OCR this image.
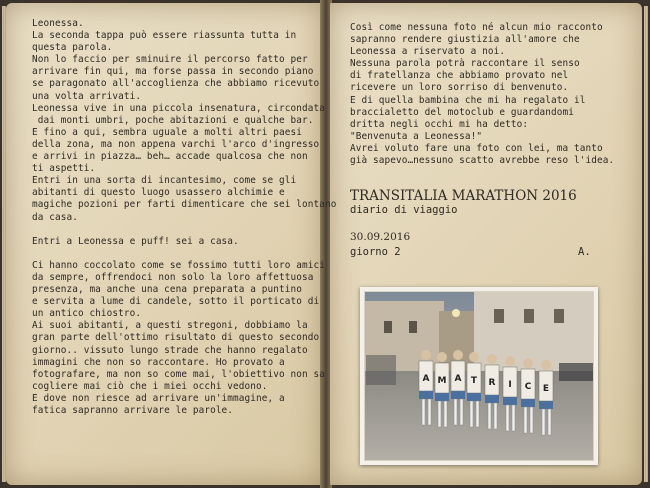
Leonessa.
La seconda tappa può essere riassunta tutta in
questa parola.
Non lo faccio per sminuire il percorso fatto per
arrivare fin qui, ma forse passa in secondo piano
se paragonato all'accoglienza che abbiamo ricevuto
una volta arrivati.
Leonessa vive in una piccola insenatura, circondata
dai monti umbri, poche abitazioni e qualche bar.
E fino a qui, sembra uguale a molti altri paesi
della zona, ma non appena varchi l'arco d'ingresso
e arrivi in piazza… beh… accade qualcosa che non
ti aspetti.
Entri in una sorta di incantesimo, come se gli
abitanti di questo luogo usassero alchimie e
magiche pozioni per farti dimenticare che sei lontano
da casa.

Entri a Leonessa e puff! sei a casa.

Ci hanno coccolato come se fossimo tutti loro amici
da sempre, offrendoci non solo la loro affettuosa
presenza, ma anche una cena preparata a puntino
e servita a lume di candele, sotto il porticato di
un antico chiostro.
Ai suoi abitanti, a questi stregoni, dobbiamo la
gran parte dell'ottimo risultato di questo secondo
giorno.. vissuto lungo strade che hanno regalato
immagini che non so raccontare. Ho provato a
fotografare, ma non so come mai, l'obiettivo non sa
cogliere mai ciò che i miei occhi vedono.
E dove non riesce ad arrivare un'immagine, a
fatica sapranno arrivare le parole.
Così come nessuna foto né alcun mio racconto
sapranno rendere giustizia all'amore che
Leonessa a riservato a noi.
Nessuna parola potrà raccontare il senso
di fratellanza che abbiamo provato nel
ricevere un loro sorriso di benvenuto.
E di quella bambina che mi ha regalato il
braccialetto del motoclub e guardandomi
dritta negli occhi mi ha detto:
"Benvenuta a Leonessa!"
Avrei voluto fare una foto con lei, ma tanto
già sapevo…nessuno scatto avrebbe reso l'idea.
TRANSITALIA MARATHON 2016
diario di viaggio
30.09.2016
giorno 2	A.
A M A T R I C E
